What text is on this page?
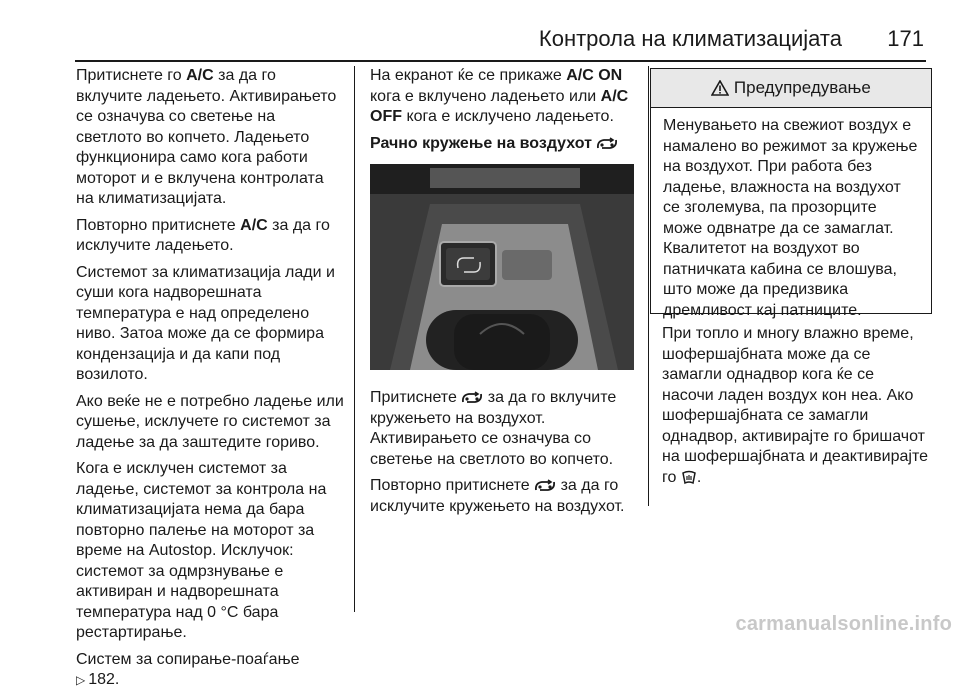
Контрола на климатизацијата 171

Притиснете го A/C за да го вклучите ладењето. Активирањето се означува со светење на светлото во копчето. Ладењето функционира само кога работи моторот и е вклучена контролата на климатизацијата.

Повторно притиснете A/C за да го исклучите ладењето.

Системот за климатизација лади и суши кога надворешната температура е над определено ниво. Затоа може да се формира кондензација и да капи под возилото.

Ако веќе не е потребно ладење или сушење, исклучете го системот за ладење за да заштедите гориво.

Кога е исклучен системот за ладење, системот за контрола на климатизацијата нема да бара повторно палење на моторот за време на Autostop. Исклучок: системот за одмрзнување е активиран и надворешната температура над 0 °C бара рестартирање.

Систем за сопирање-поаѓање
▷ 182.

На екранот ќе се прикаже A/C ON кога е вклучено ладењето или A/C OFF кога е исклучено ладењето.

Рачно кружење на воздухот

Притиснете  за да го вклучите кружењето на воздухот. Активирањето се означува со светење на светлото во копчето.

Повторно притиснете  за да го исклучите кружењето на воздухот.

Предупредување
Менувањето на свежиот воздух е намалено во режимот за кружење на воздухот. При работа без ладење, влажноста на воздухот се зголемува, па прозорците може одвнатре да се замаглат. Квалитетот на воздухот во патничката кабина се влошува, што може да предизвика дремливост кај патниците.

При топло и многу влажно време, шофершајбната може да се замагли однадвор кога ќе се насочи ладен воздух кон неа. Ако шофершајбната се замагли однадвор, активирајте го бришачот на шофершајбната и деактивирајте го .

carmanualsonline.info
